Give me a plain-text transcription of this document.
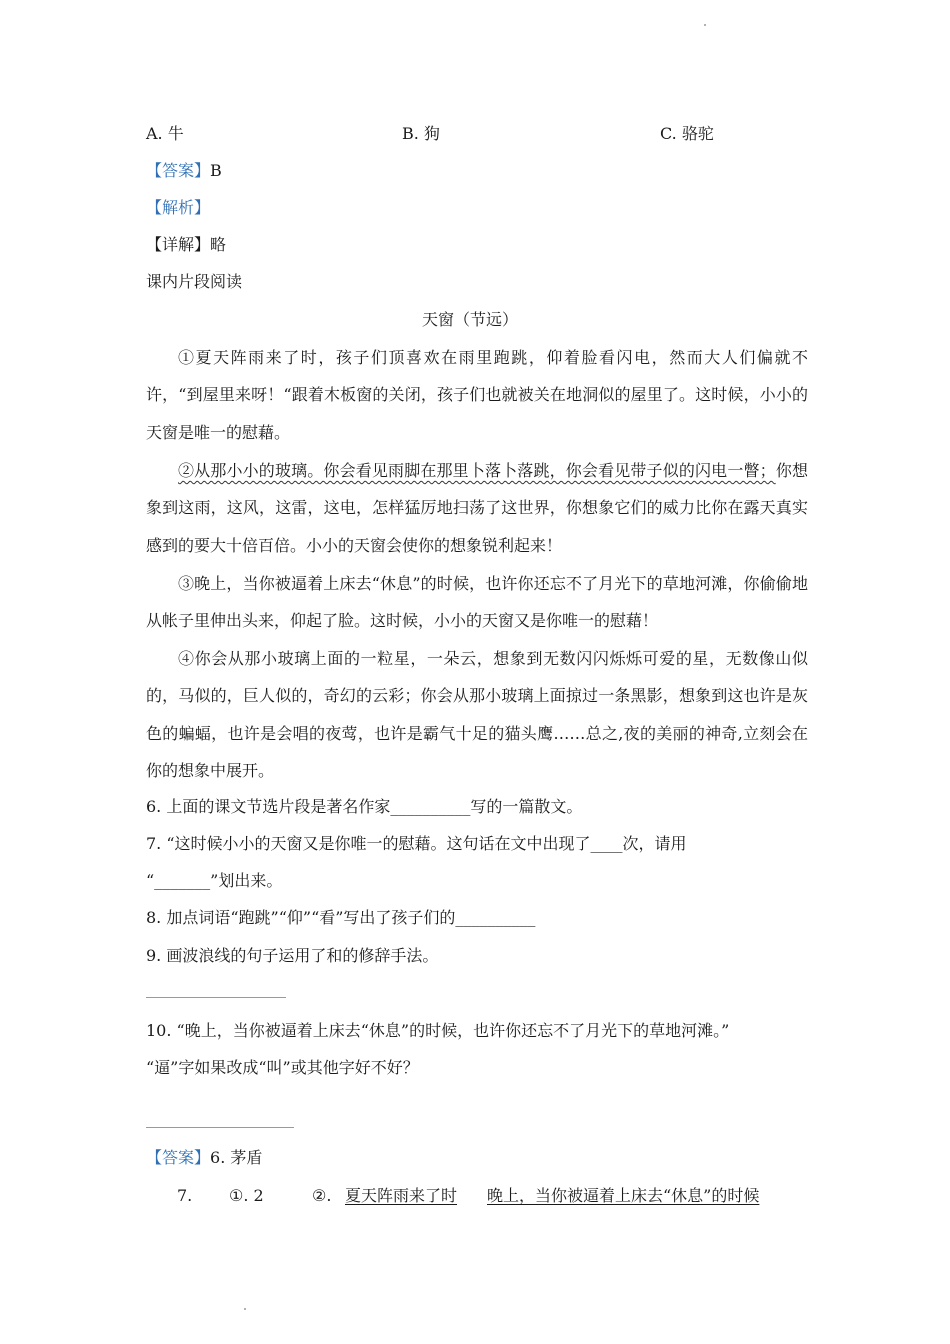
A. 牛	B. 狗	C. 骆驼
【答案】B
【解析】
【详解】略
课内片段阅读
天窗（节远）
①夏天阵雨来了时，孩子们顶喜欢在雨里跑跳，仰着脸看闪电，然而大人们偏就不许，“到屋里来呀！“跟着木板窗的关闭，孩子们也就被关在地洞似的屋里了。这时候，小小的天窗是唯一的慰藉。
②从那小小的玻璃。你会看见雨脚在那里卜落卜落跳，你会看见带子似的闪电一瞥；你想象到这雨，这风，这雷，这电，怎样猛厉地扫荡了这世界，你想象它们的威力比你在露天真实感到的要大十倍百倍。小小的天窗会使你的想象锐利起来！
③晚上，当你被逼着上床去“休息”的时候，也许你还忘不了月光下的草地河滩，你偷偷地从帐子里伸出头来，仰起了脸。这时候，小小的天窗又是你唯一的慰藉！
④你会从那小玻璃上面的一粒星，一朵云，想象到无数闪闪烁烁可爱的星，无数像山似的，马似的，巨人似的，奇幻的云彩；你会从那小玻璃上面掠过一条黑影，想象到这也许是灰色的蝙蝠，也许是会唱的夜莺，也许是霸气十足的猫头鹰……总之,夜的美丽的神奇,立刻会在你的想象中展开。
6. 上面的课文节选片段是著名作家__________写的一篇散文。
7. “这时候小小的天窗又是你唯一的慰藉。这句话在文中出现了____次，请用
“_______”划出来。
8. 加点词语“跑跳”“仰”“看”写出了孩子们的__________
9. 画波浪线的句子运用了和的修辞手法。
10. “晚上，当你被逼着上床去“休息”的时候，也许你还忘不了月光下的草地河滩。”
“逼”字如果改成“叫”或其他字好不好？
【答案】6. 茅盾
7. ①. 2	②. 夏天阵雨来了时 晚上，当你被逼着上床去“休息”的时候
